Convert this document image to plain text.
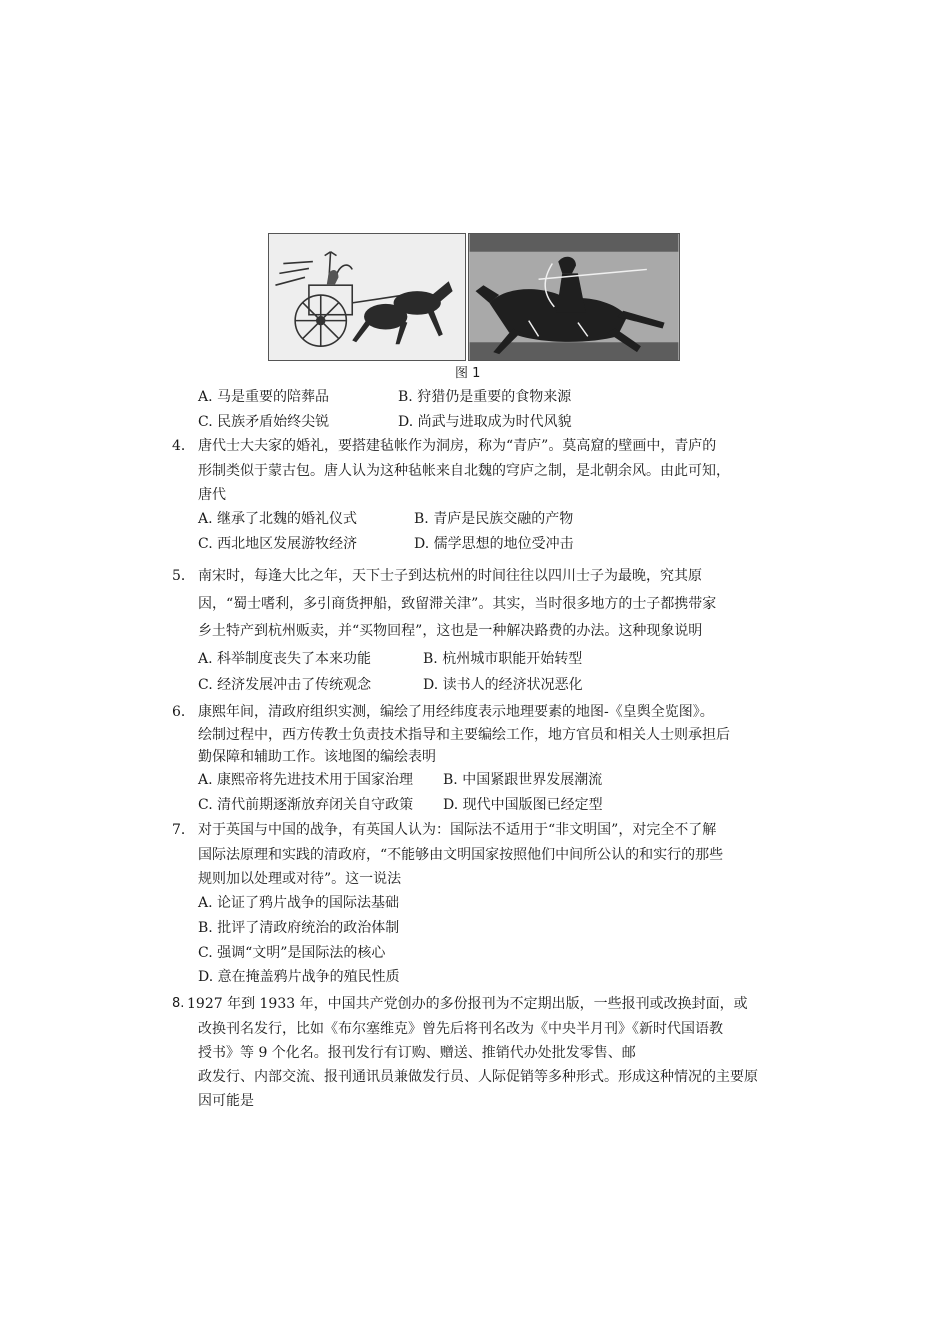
图 1
A. 马是重要的陪葬品	B. 狩猎仍是重要的食物来源
C. 民族矛盾始终尖锐	D. 尚武与进取成为时代风貌
4． 唐代士大夫家的婚礼，要搭建毡帐作为洞房，称为“青庐”。莫高窟的壁画中，青庐的
形制类似于蒙古包。唐人认为这种毡帐来自北魏的穹庐之制，是北朝余风。由此可知，
唐代
A. 继承了北魏的婚礼仪式	B. 青庐是民族交融的产物
C. 西北地区发展游牧经济	D. 儒学思想的地位受冲击
5． 南宋时，每逢大比之年，天下士子到达杭州的时间往往以四川士子为最晚，究其原
因，“蜀士嗜利，多引商货押船，致留滞关津”。其实，当时很多地方的士子都携带家
乡土特产到杭州贩卖，并“买物回程”，这也是一种解决路费的办法。这种现象说明
A. 科举制度丧失了本来功能	B. 杭州城市职能开始转型
C. 经济发展冲击了传统观念	D. 读书人的经济状况恶化
6． 康熙年间，清政府组织实测，编绘了用经纬度表示地理要素的地图-《皇舆全览图》。
绘制过程中，西方传教士负责技术指导和主要编绘工作，地方官员和相关人士则承担后
勤保障和辅助工作。该地图的编绘表明
A. 康熙帝将先进技术用于国家治理 B. 中国紧跟世界发展潮流
C. 清代前期逐渐放弃闭关自守政策 D. 现代中国版图已经定型
7． 对于英国与中国的战争，有英国人认为：国际法不适用于“非文明国”，对完全不了解
国际法原理和实践的清政府，“不能够由文明国家按照他们中间所公认的和实行的那些
规则加以处理或对待”。这一说法
A. 论证了鸦片战争的国际法基础
B. 批评了清政府统治的政治体制
C. 强调“文明”是国际法的核心
D. 意在掩盖鸦片战争的殖民性质
8. 1927 年到 1933 年，中国共产党创办的多份报刊为不定期出版，一些报刊或改换封面，或
改换刊名发行，比如《布尔塞维克》曾先后将刊名改为《中央半月刊》《新时代国语教
授书》等 9 个化名。报刊发行有订购、赠送、推销代办处批发零售、邮
政发行、内部交流、报刊通讯员兼做发行员、人际促销等多种形式。形成这种情况的主要原
因可能是
